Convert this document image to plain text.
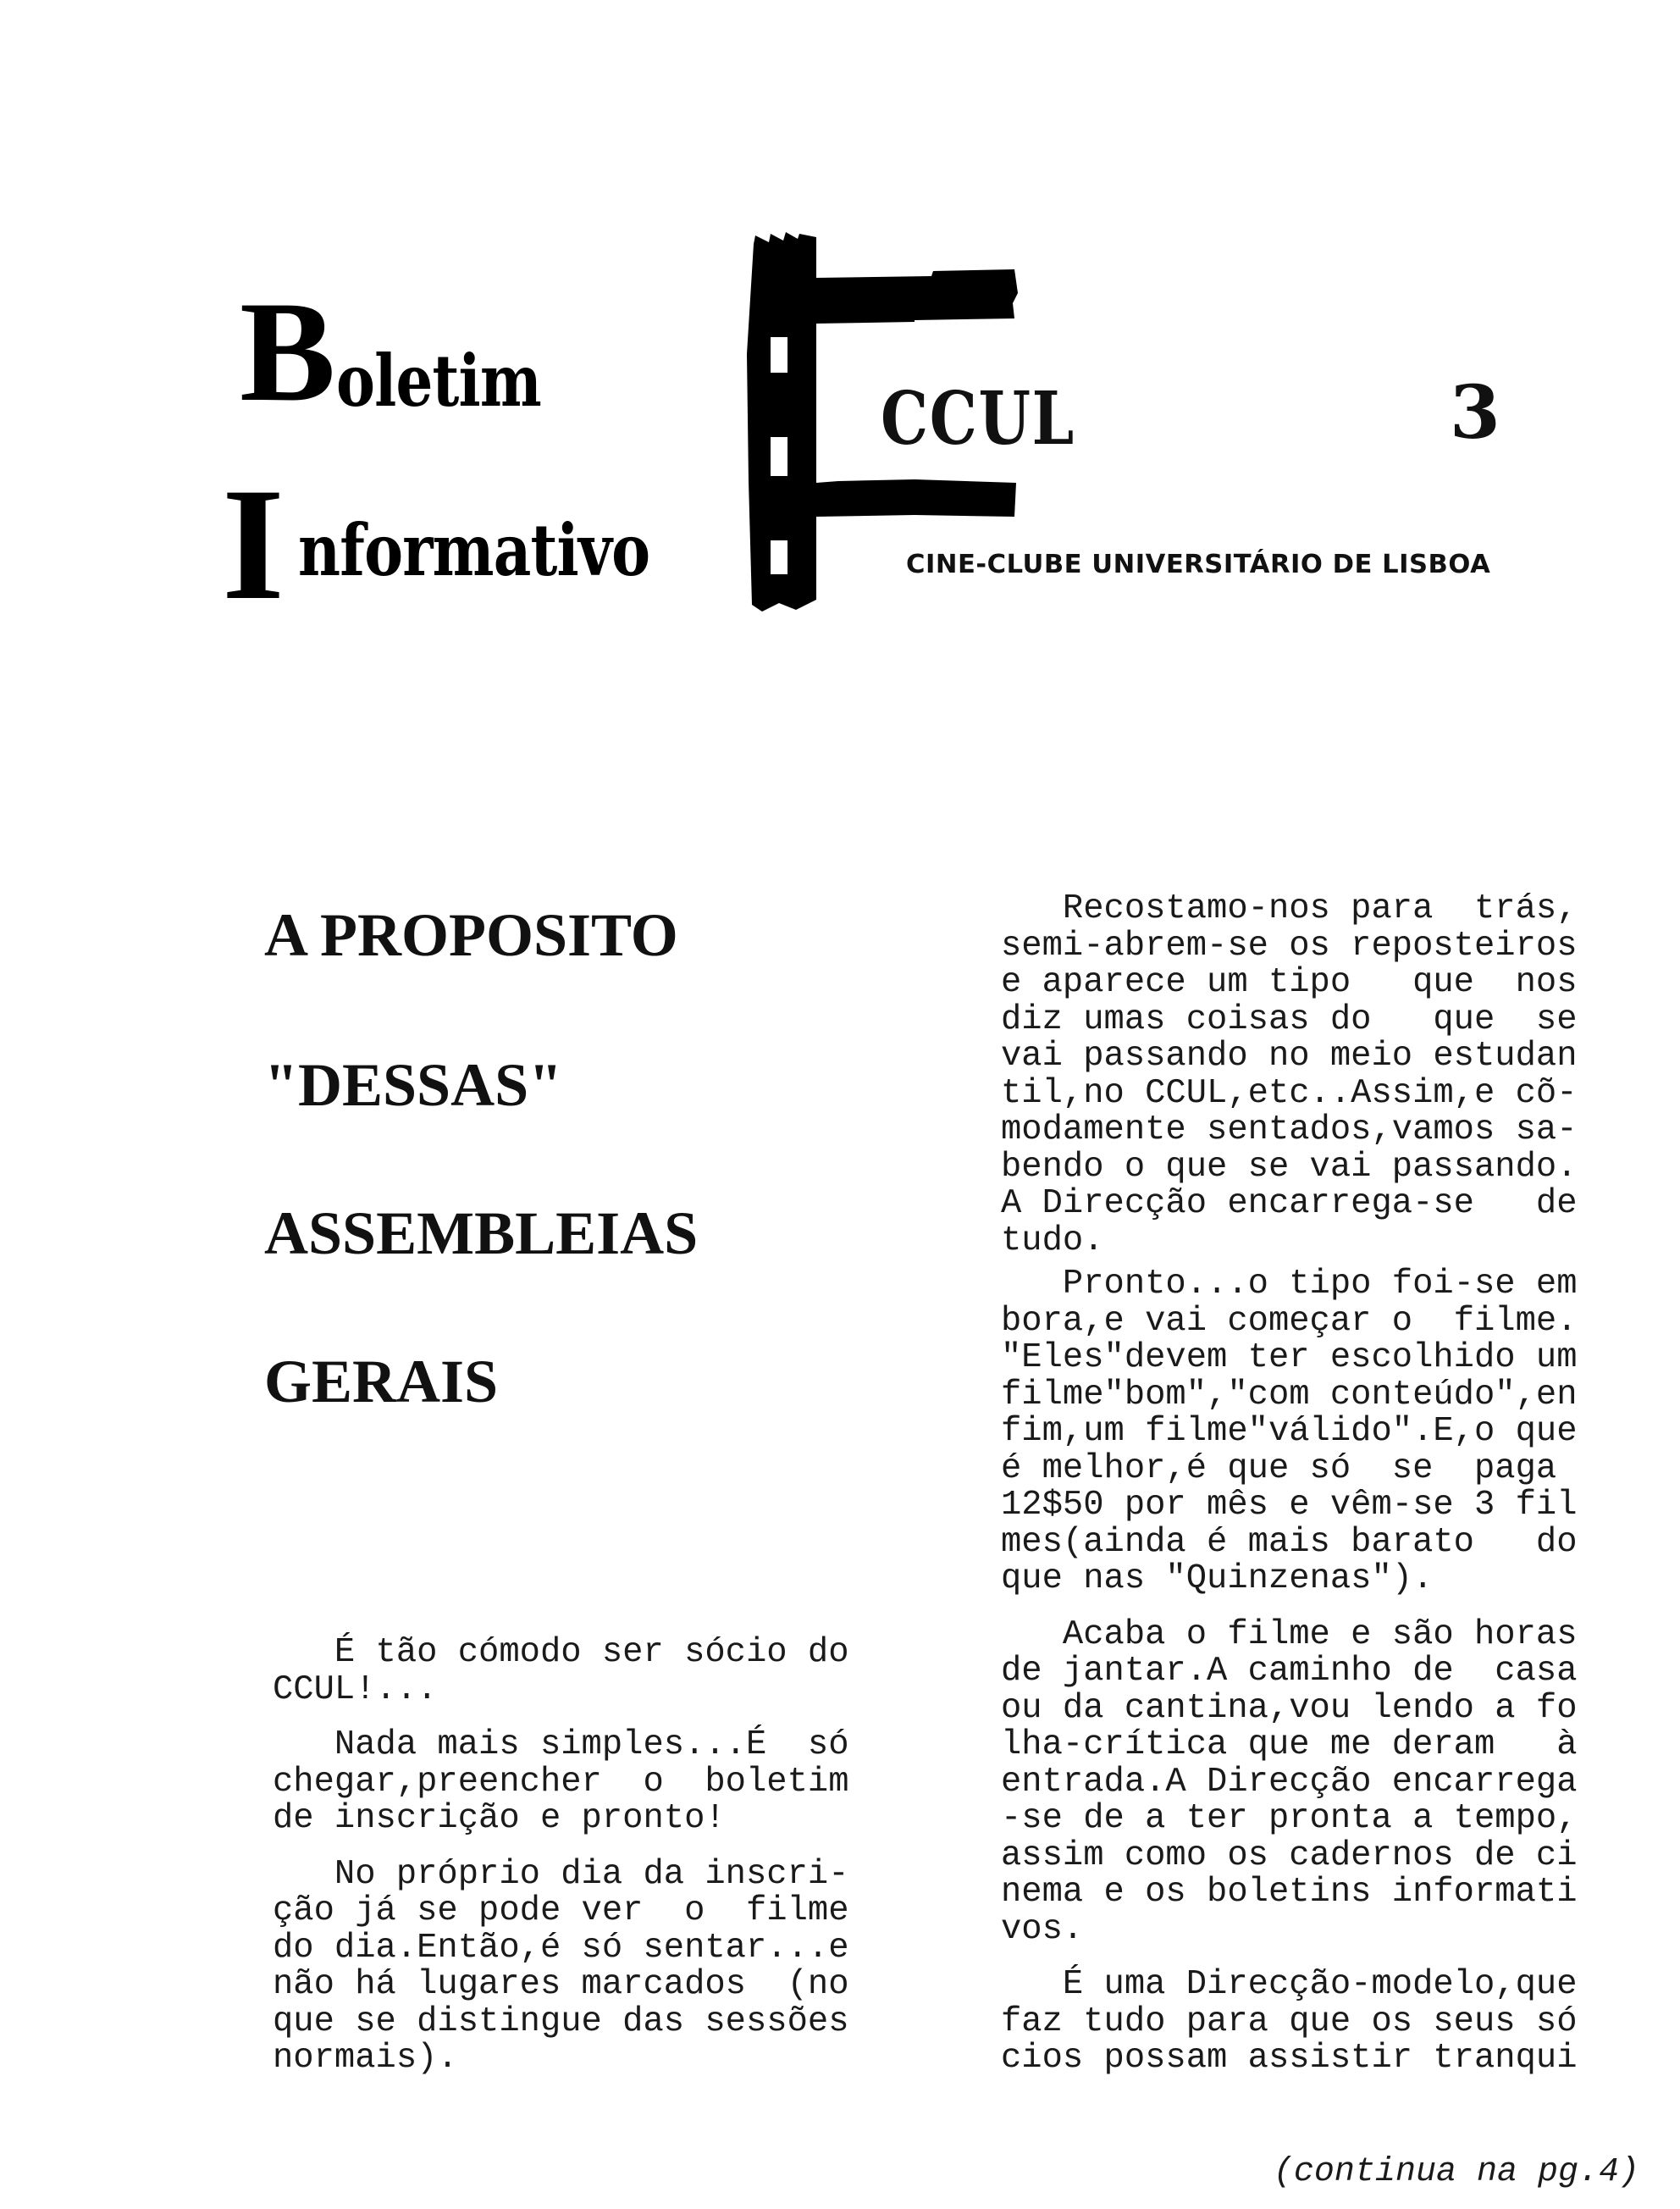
B oletim
I nformativo
CCUL	3
CINE-CLUBE UNIVERSITÁRIO DE LISBOA
A PROPOSITO
"DESSAS"
ASSEMBLEIAS
GERAIS

É tão cómodo ser sócio do

CCUL!...

Nada mais simples...É  só

chegar,preencher  o  boletim

de inscrição e pronto!

No próprio dia da inscri-

ção já se pode ver  o  filme

do dia.Então,é só sentar...e

não há lugares marcados  (no

que se distingue das sessões

normais).

Recostamo-nos para  trás,

semi-abrem-se os reposteiros

e aparece um tipo   que  nos

diz umas coisas do   que  se

vai passando no meio estudan

til,no CCUL,etc..Assim,e cõ-

modamente sentados,vamos sa-

bendo o que se vai passando.

A Direcção encarrega-se   de

tudo.

Pronto...o tipo foi-se em

bora,e vai começar o  filme.

"Eles"devem ter escolhido um

filme"bom","com conteúdo",en

fim,um filme"válido".E,o que

é melhor,é que só  se  paga

12$50 por mês e vêm-se 3 fil

mes(ainda é mais barato   do

que nas "Quinzenas").

Acaba o filme e são horas

de jantar.A caminho de  casa

ou da cantina,vou lendo a fo

lha-crítica que me deram   à

entrada.A Direcção encarrega

-se de a ter pronta a tempo,

assim como os cadernos de ci

nema e os boletins informati

vos.

É uma Direcção-modelo,que

faz tudo para que os seus só

cios possam assistir tranqui

(continua na pg.4)
